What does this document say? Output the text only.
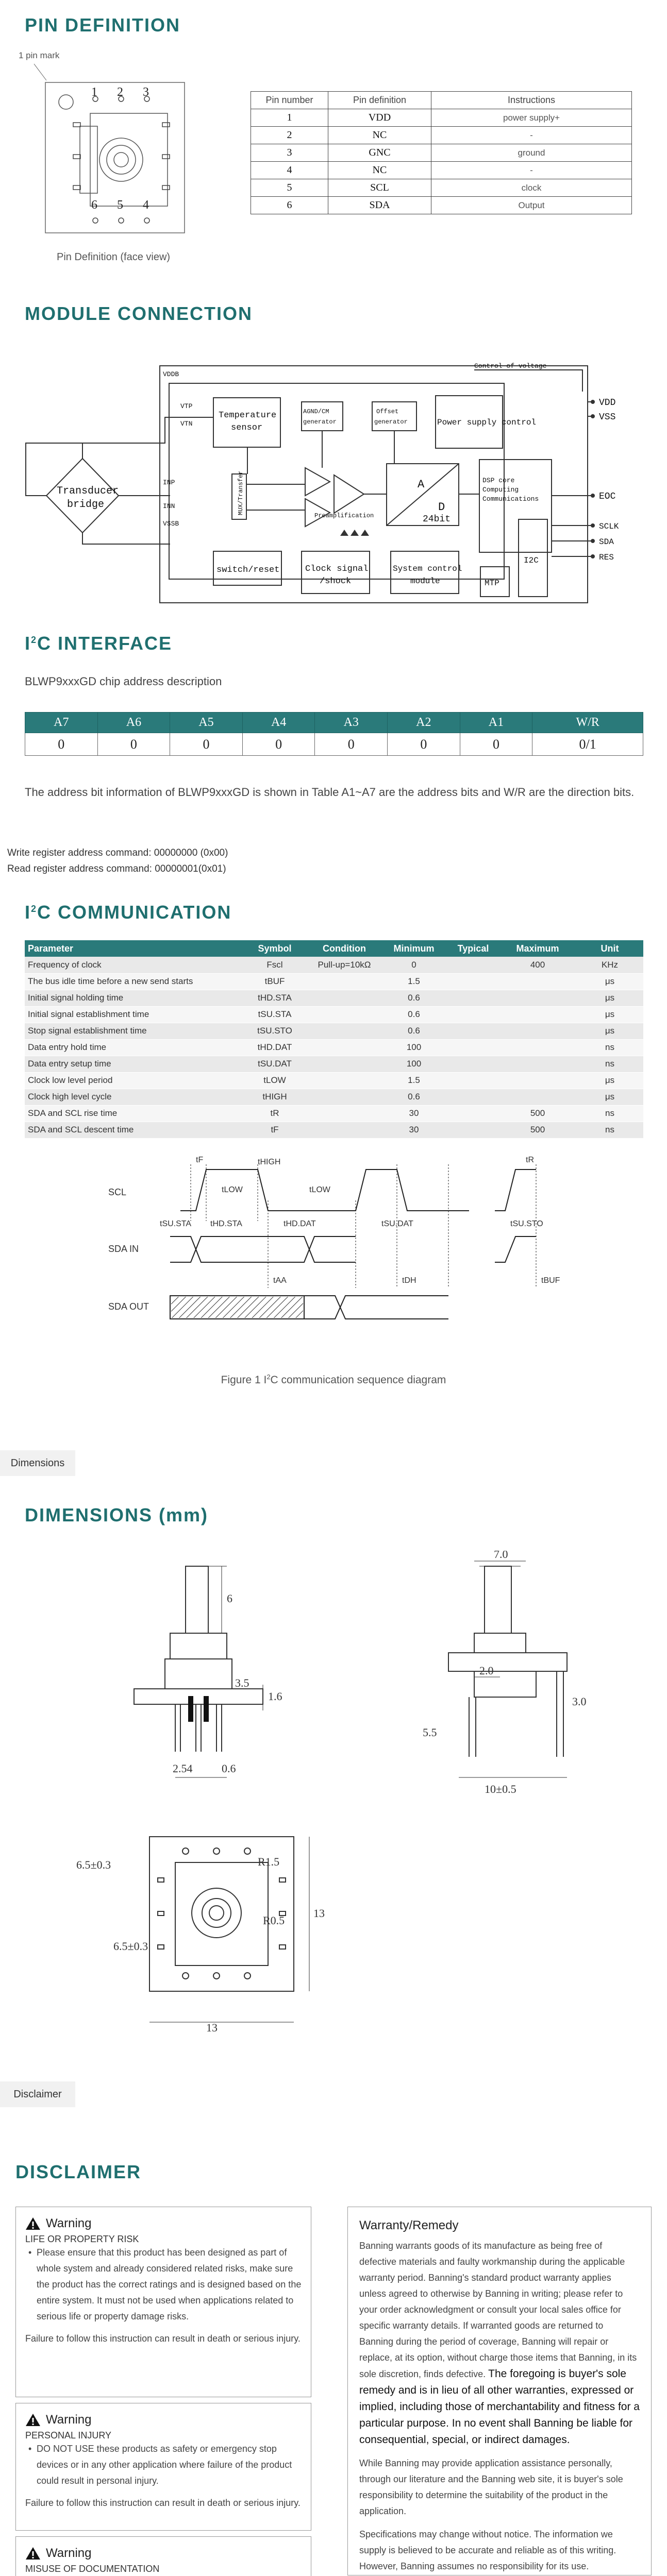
PIN DEFINITION
1 pin mark
1 2 3
6 5 4
Pin Definition (face view)
Pin number	Pin definition	Instructions
1	VDD	power supply+
2	NC	-
3	GNC	ground
4	NC	-
5	SCL	clock
6	SDA	Output
MODULE CONNECTION
VDDB
VTP
VTN
INP
INN
VSSB
AGND/CM
generator
Offset
generator
Control of voltage
Preamplification
DSP core
Computing
Communications
Transducer
bridge
Temperature
sensor
Power supply control
A
D
24bit
switch/reset	Clock signal
/shock
System control
module	MTP
I2C
VDD
VSS
EOC
SCLK
SDA
RES
MUX/Transfer
$I^2C$ INTERFACE
BLWP9xxxGD chip address description
A7	A6	A5	A4	A3	A2	A1	W/R
0	0	0	0	0	0	0	0/1
The address bit information of BLWP9xxxGD is shown in Table A1~A7 are the address bits and W/R are the direction bits.
Write register address command: 00000000 (0x00)
Read register address command: 00000001(0x01)
$I^2C$ COMMUNICATION
Parameter	Symbol	Condition	Minimum	Typical	Maximum	Unit
Frequency of clock	Fscl	Pull-up=10kΩ	0		400	KHz
The bus idle time before a new send starts	tBUF		1.5			μs
Initial signal holding time	tHD.STA		0.6			μs
Initial signal establishment time	tSU.STA		0.6			μs
Stop signal establishment time	tSU.STO		0.6			μs
Data entry hold time	tHD.DAT		100			ns
Data entry setup time	tSU.DAT		100			ns
Clock low level period	tLOW		1.5			μs
Clock high level cycle	tHIGH		0.6			μs
SDA and SCL rise time	tR		30		500	ns
SDA and SCL descent time	tF		30		500	ns
SCL
SDA IN
SDA OUT
tF	tHIGH
tLOW	tLOW
tR
tSU.STA tHD.STA	tHD.DAT	tSU.DAT	tSU.STO
tAA	tDH	tBUF
Figure 1 $I^2C$ communication sequence diagram
Dimensions
DIMENSIONS (mm)
6
3.5
1.6
2.54	0.6
7.0
2.0
3.0
5.5
10±0.5
6.5±0.3	R1.5
R0.5
6.5±0.3
13
13
Disclaimer
DISCLAIMER
Warning
LIFE OR PROPERTY RISK
• Please ensure that this product has been designed as part of whole system and already considered related risks, make sure the product has the correct ratings and is designed based on the entire system. It must not be used when applications related to serious life or property damage risks.
Failure to follow this instruction can result in death or serious injury.
Warning
PERSONAL INJURY
• DO NOT USE these products as safety or emergency stop devices or in any other application where failure of the product could result in personal injury.
Failure to follow this instruction can result in death or serious injury.
Warning
MISUSE OF DOCUMENTATION
•
Warranty/Remedy

Banning warrants goods of its manufacture as being free of defective materials and faulty workmanship during the applicable warranty period. Banning's standard product warranty applies unless agreed to otherwise by Banning in writing; please refer to your order acknowledgment or consult your local sales office for specific warranty details. If warranted goods are returned to Banning during the period of coverage, Banning will repair or replace, at its option, without charge those items that Banning, in its sole discretion, finds defective. The foregoing is buyer's sole remedy and is in lieu of all other warranties, expressed or implied, including those of merchantability and fitness for a particular purpose. In no event shall Banning be liable for consequential, special, or indirect damages.

While Banning may provide application assistance personally, through our literature and the Banning web site, it is buyer's sole responsibility to determine the suitability of the product in the application.

Specifications may change without notice. The information we supply is believed to be accurate and reliable as of this writing. However, Banning assumes no responsibility for its use.
